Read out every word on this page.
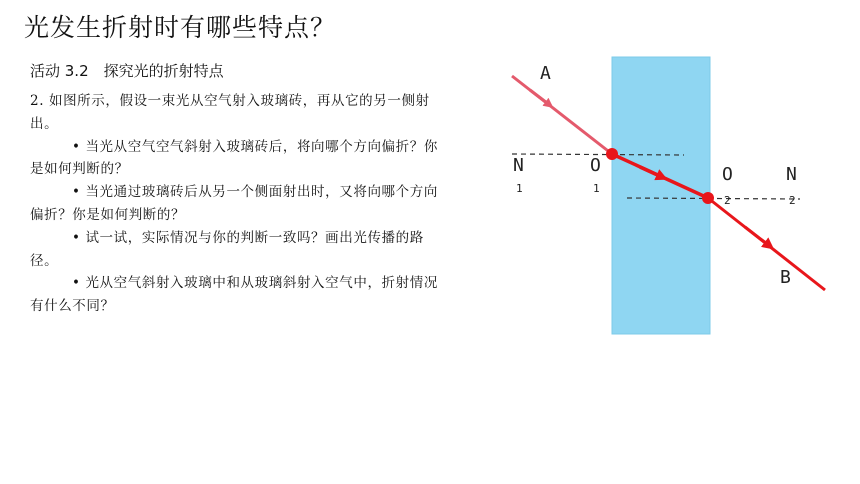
光发生折射时有哪些特点？
活动 3.2　探究光的折射特点

2. 如图所示，假设一束光从空气射入玻璃砖，再从它的另一侧射出。

• 当光从空气空气斜射入玻璃砖后，将向哪个方向偏折？你是如何判断的？

• 当光通过玻璃砖后从另一个侧面射出时，又将向哪个方向偏折？你是如何判断的？

• 试一试，实际情况与你的判断一致吗？画出光传播的路径。

• 光从空气斜射入玻璃中和从玻璃斜射入空气中，折射情况有什么不同？

A
B
N
1
O
1
O
2
N
2
